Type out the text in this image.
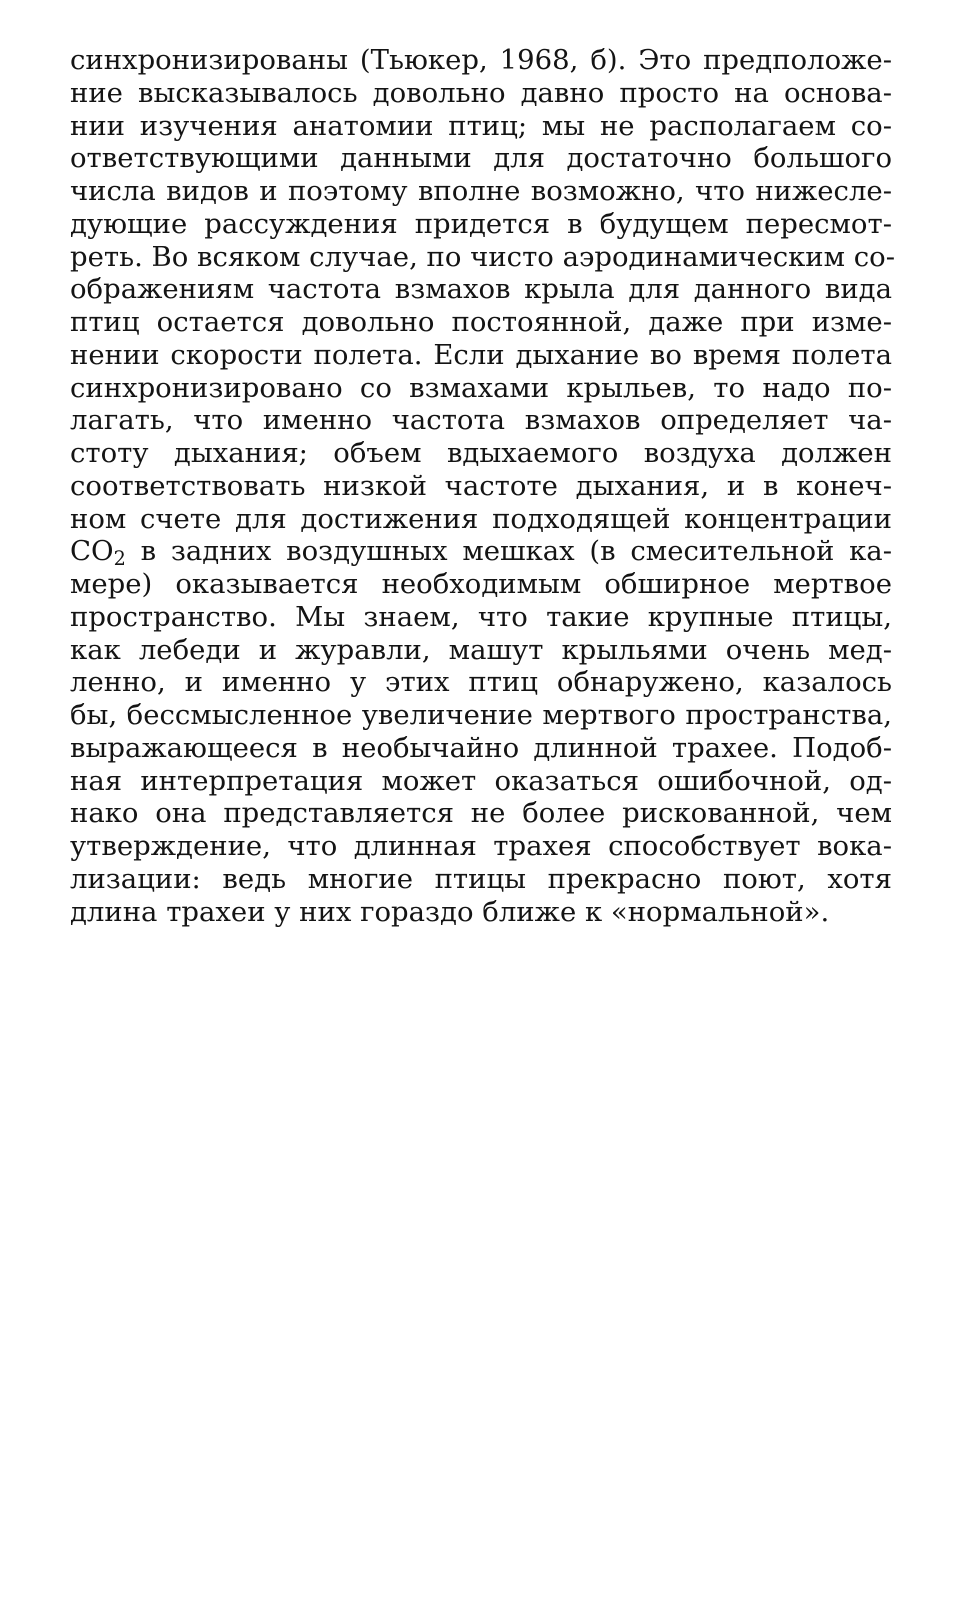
синхронизированы (Тьюкер, 1968, б). Это предположе-
ние высказывалось довольно давно просто на основа-
нии изучения анатомии птиц; мы не располагаем со-
ответствующими данными для достаточно большого
числа видов и поэтому вполне возможно, что нижесле-
дующие рассуждения придется в будущем пересмот-
реть. Во всяком случае, по чисто аэродинамическим со-
ображениям частота взмахов крыла для данного вида
птиц остается довольно постоянной, даже при изме-
нении скорости полета. Если дыхание во время полета
синхронизировано со взмахами крыльев, то надо по-
лагать, что именно частота взмахов определяет ча-
стоту дыхания; объем вдыхаемого воздуха должен
соответствовать низкой частоте дыхания, и в конеч-
ном счете для достижения подходящей концентрации
$CO_2$ в задних воздушных мешках (в смесительной ка-
мере) оказывается необходимым обширное мертвое
пространство. Мы знаем, что такие крупные птицы,
как лебеди и журавли, машут крыльями очень мед-
ленно, и именно у этих птиц обнаружено, казалось
бы, бессмысленное увеличение мертвого пространства,
выражающееся в необычайно длинной трахее. Подоб-
ная интерпретация может оказаться ошибочной, од-
нако она представляется не более рискованной, чем
утверждение, что длинная трахея способствует вока-
лизации: ведь многие птицы прекрасно поют, хотя
длина трахеи у них гораздо ближе к «нормальной».
